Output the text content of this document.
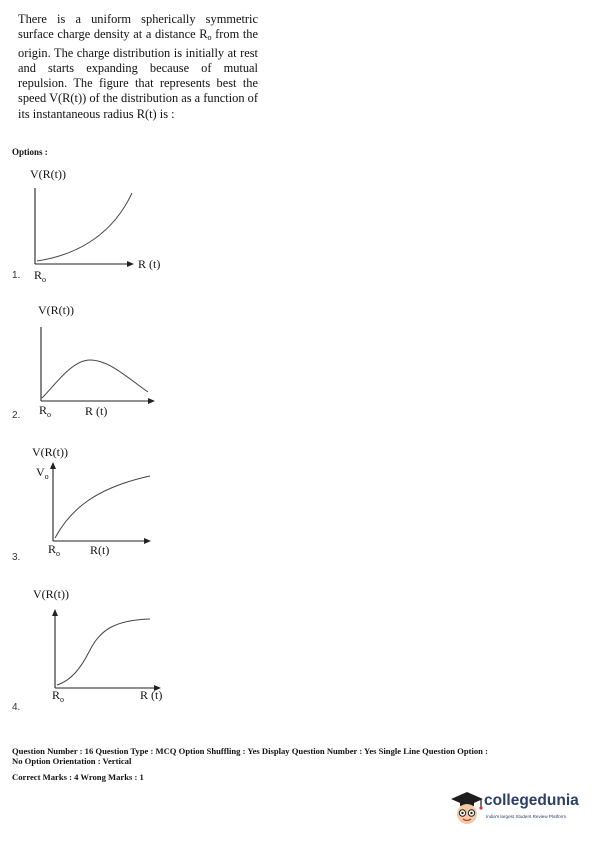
There is a uniform spherically symmetric surface charge density at a distance $R_o$ from the origin. The charge distribution is initially at rest and starts expanding because of mutual repulsion. The figure that represents best the speed V(R(t)) of the distribution as a function of its instantaneous radius R(t) is :

Options :
1.
V(R(t))
R (t)
$R_o$
2.
V(R(t))
$R_o$	R (t)
3.
V(R(t))
$V_o$
$R_o$ R(t)
4.
V(R(t))
$R_o$	R (t)
Question Number : 16 Question Type : MCQ Option Shuffling : Yes Display Question Number : Yes Single Line Question Option :
No Option Orientation : Vertical
Correct Marks : 4 Wrong Marks : 1
collegedunia
India's largest Student Review Platform
